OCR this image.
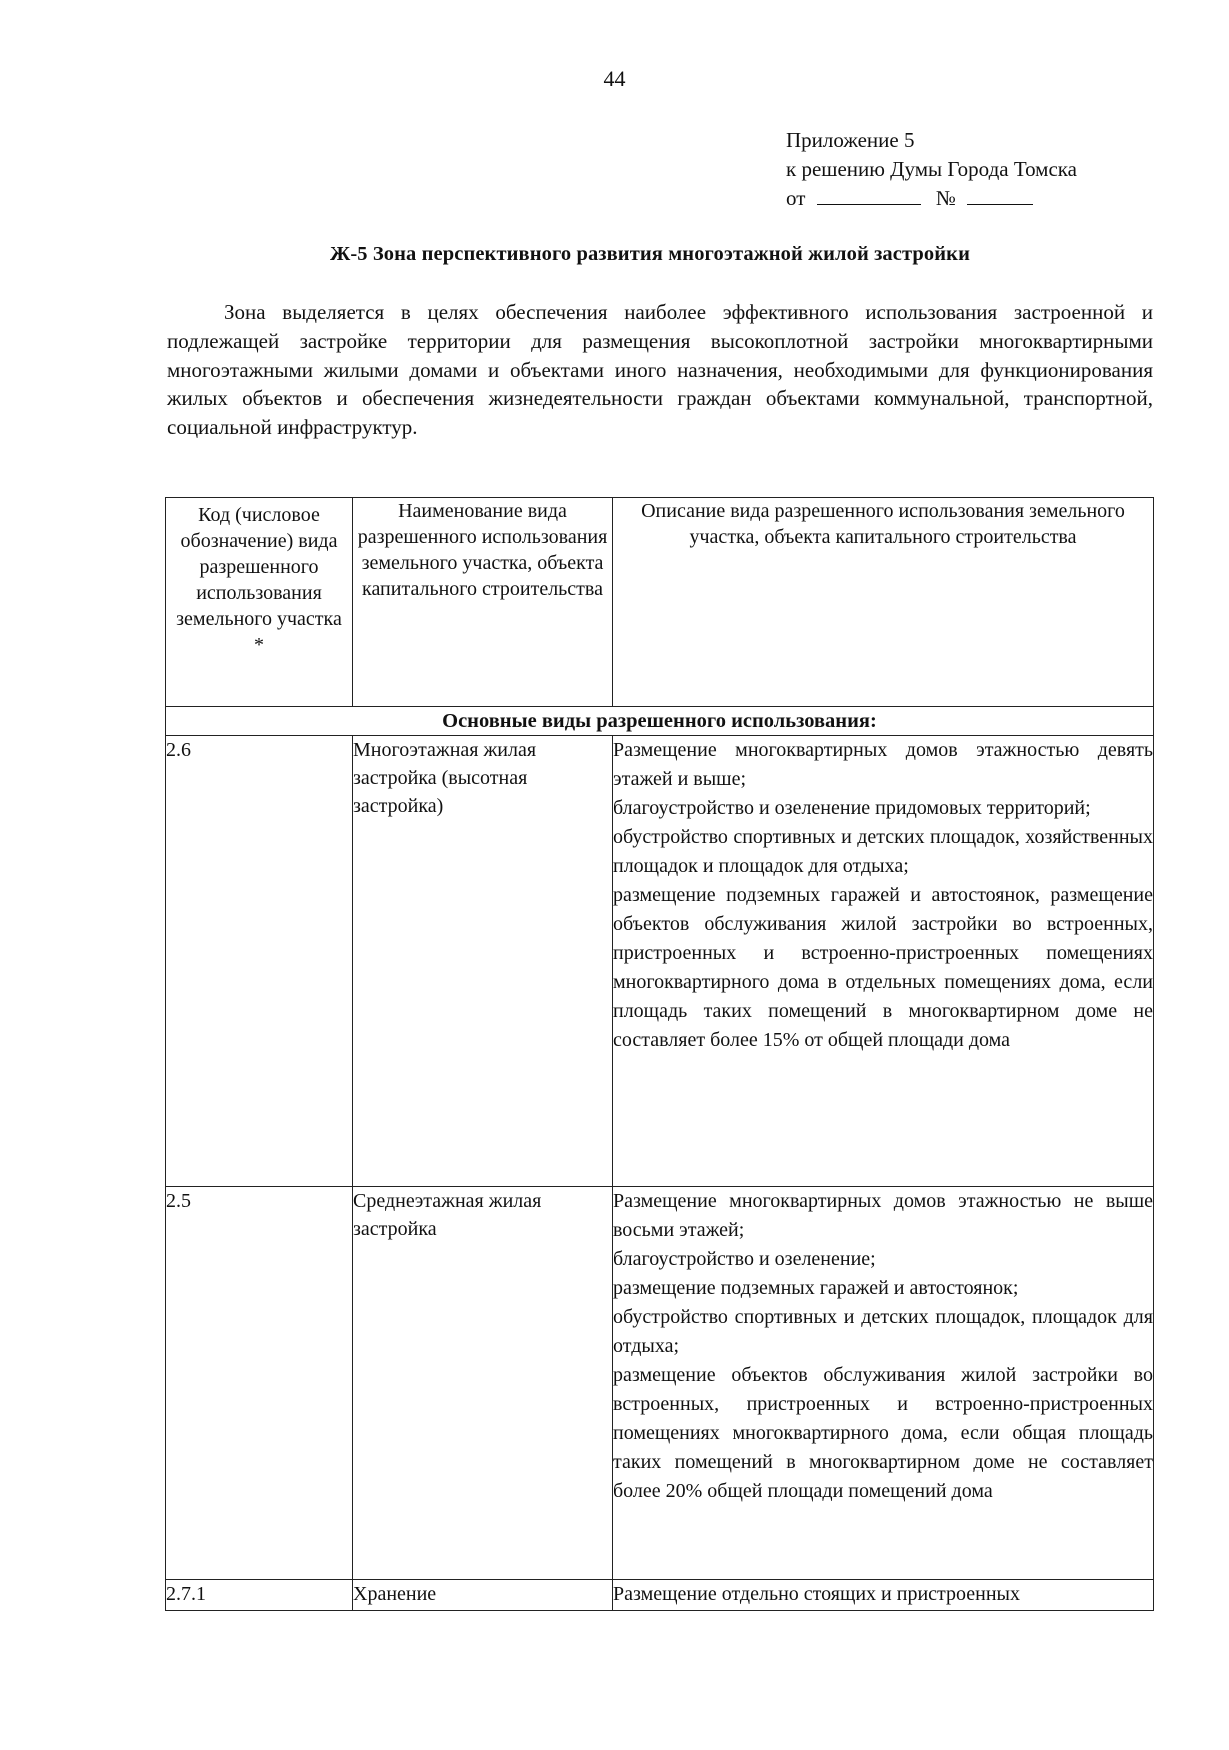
44
Приложение 5
к решению Думы Города Томска
от	№
Ж-5 Зона перспективного развития многоэтажной жилой застройки
Зона выделяется в целях обеспечения наиболее эффективного использования застроенной и подлежащей застройке территории для размещения высокоплотной застройки многоквартирными многоэтажными жилыми домами и объектами иного назначения, необходимыми для функционирования жилых объектов и обеспечения жизнедеятельности граждан объектами коммунальной, транспортной, социальной инфраструктур.
Код (числовое обозначение) вида разрешенного использования земельного участка *	Наименование вида разрешенного использования земельного участка, объекта капитального строительства	Описание вида разрешенного использования земельного участка, объекта капитального строительства
Основные виды разрешенного использования:		
2.6	Многоэтажная жилая застройка (высотная застройка)	Размещение многоквартирных домов этажностью девять этажей и выше;
благоустройство и озеленение придомовых территорий;
обустройство спортивных и детских площадок, хозяйственных площадок и площадок для отдыха;
размещение подземных гаражей и автостоянок, размещение объектов обслуживания жилой застройки во встроенных, пристроенных и встроенно-пристроенных помещениях многоквартирного дома в отдельных помещениях дома, если площадь таких помещений в многоквартирном доме не составляет более 15% от общей площади дома

2.5	Среднеэтажная жилая застройка	Размещение многоквартирных домов этажностью не выше восьми этажей;
благоустройство и озеленение;
размещение подземных гаражей и автостоянок;
обустройство спортивных и детских площадок, площадок для отдыха;
размещение объектов обслуживания жилой застройки во встроенных, пристроенных и встроенно-пристроенных помещениях многоквартирного дома, если общая площадь таких помещений в многоквартирном доме не составляет более 20% общей площади помещений дома

2.7.1	Хранение	Размещение отдельно стоящих и пристроенных
